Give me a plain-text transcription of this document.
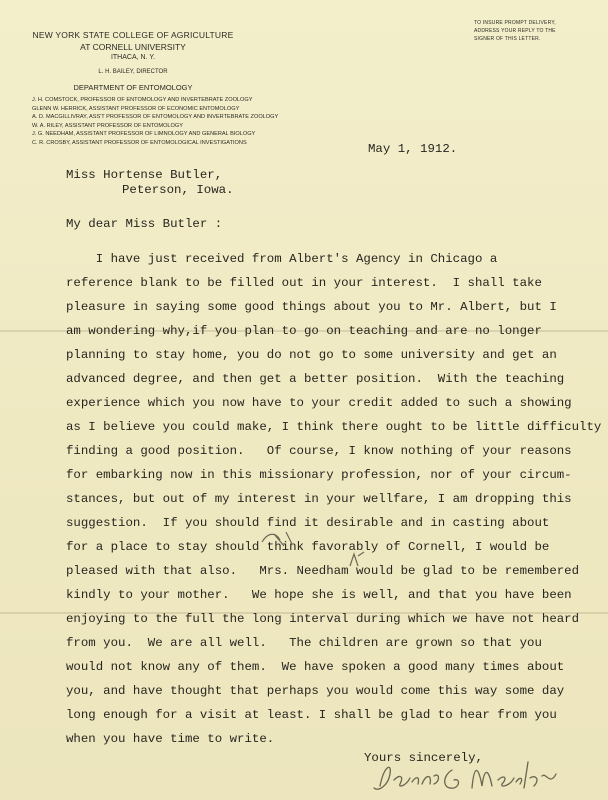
NEW YORK STATE COLLEGE OF AGRICULTURE
AT CORNELL UNIVERSITY
ITHACA, N. Y.
L. H. BAILEY, DIRECTOR
DEPARTMENT OF ENTOMOLOGY
J. H. COMSTOCK, PROFESSOR OF ENTOMOLOGY AND INVERTEBRATE ZOOLOGY
GLENN W. HERRICK, ASSISTANT PROFESSOR OF ECONOMIC ENTOMOLOGY
A. D. MACGILLIVRAY, ASS'T PROFESSOR OF ENTOMOLOGY AND INVERTEBRATE ZOOLOGY
W. A. RILEY, ASSISTANT PROFESSOR OF ENTOMOLOGY
J. G. NEEDHAM, ASSISTANT PROFESSOR OF LIMNOLOGY AND GENERAL BIOLOGY
C. R. CROSBY, ASSISTANT PROFESSOR OF ENTOMOLOGICAL INVESTIGATIONS
TO INSURE PROMPT DELIVERY,
ADDRESS YOUR REPLY TO THE
SIGNER OF THIS LETTER.
May 1, 1912.
Miss Hortense Butler,
Peterson, Iowa.
My dear Miss Butler :
I have just received from Albert's Agency in Chicago a
reference blank to be filled out in your interest.  I shall take
pleasure in saying some good things about you to Mr. Albert, but I
am wondering why,if you plan to go on teaching and are no longer
planning to stay home, you do not go to some university and get an
advanced degree, and then get a better position.  With the teaching
experience which you now have to your credit added to such a showing
as I believe you could make, I think there ought to be little difficulty
finding a good position.   Of course, I know nothing of your reasons
for embarking now in this missionary profession, nor of your circum-
stances, but out of my interest in your wellfare, I am dropping this
suggestion.  If you should find it desirable and in casting about
for a place to stay should think favorably of Cornell, I would be
pleased with that also.   Mrs. Needham would be glad to be remembered
kindly to your mother.   We hope she is well, and that you have been
enjoying to the full the long interval during which we have not heard
from you.  We are all well.   The children are grown so that you
would not know any of them.  We have spoken a good many times about
you, and have thought that perhaps you would come this way some day
long enough for a visit at least. I shall be glad to hear from you
when you have time to write.
Yours sincerely,
